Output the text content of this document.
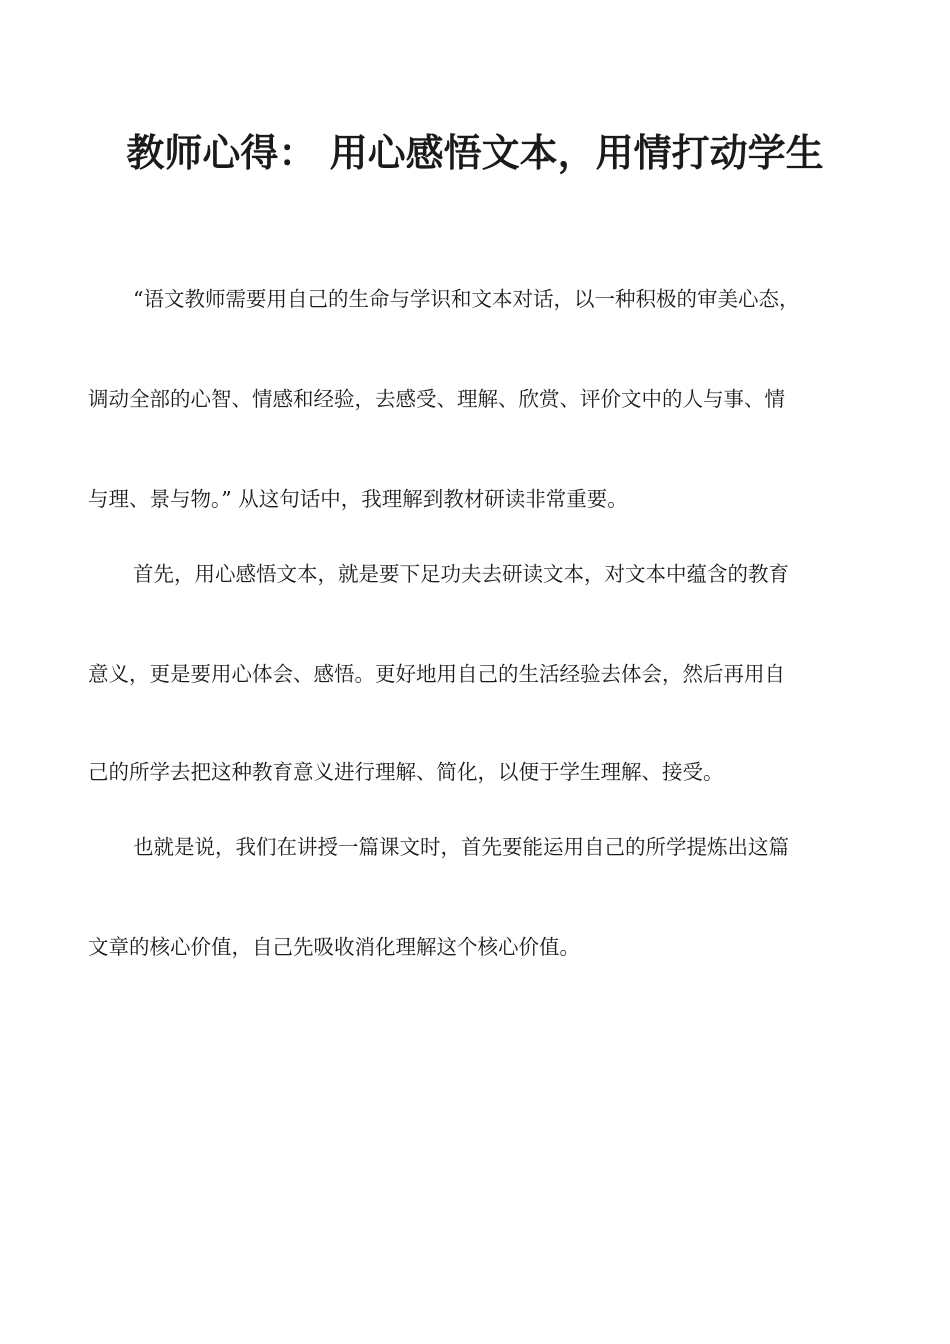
教师心得： 用心感悟文本，用情打动学生
“语文教师需要用自己的生命与学识和文本对话，以一种积极的审美心态，
调动全部的心智、情感和经验，去感受、理解、欣赏、评价文中的人与事、情
与理、景与物。” 从这句话中，我理解到教材研读非常重要。
首先，用心感悟文本，就是要下足功夫去研读文本，对文本中蕴含的教育
意义，更是要用心体会、感悟。更好地用自己的生活经验去体会，然后再用自
己的所学去把这种教育意义进行理解、简化，以便于学生理解、接受。
也就是说，我们在讲授一篇课文时，首先要能运用自己的所学提炼出这篇
文章的核心价值，自己先吸收消化理解这个核心价值。
